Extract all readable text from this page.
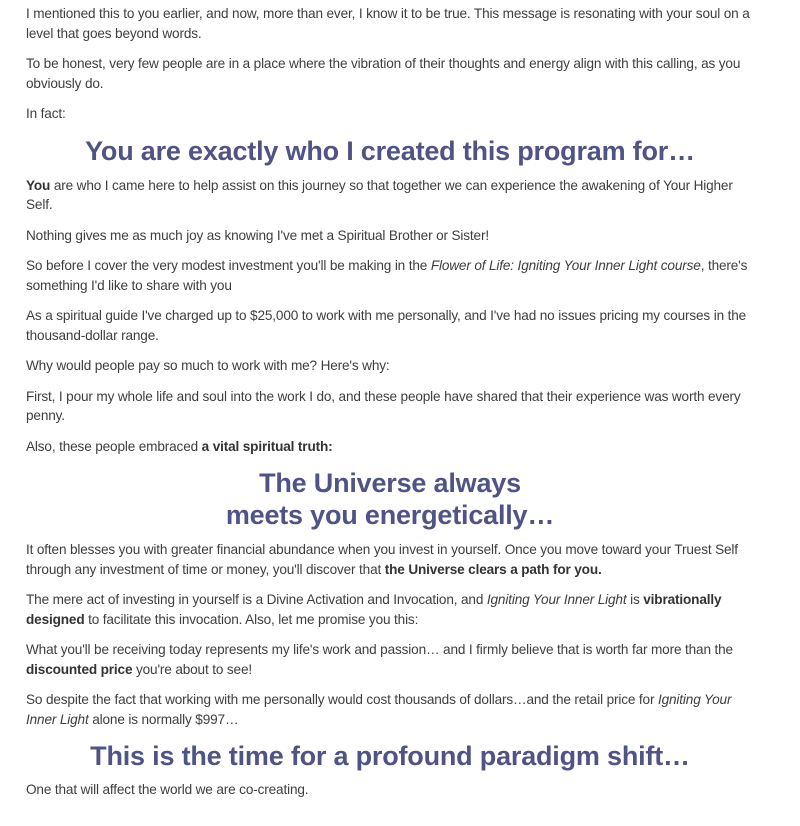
I mentioned this to you earlier, and now, more than ever, I know it to be true. This message is resonating with your soul on a level that goes beyond words.

To be honest, very few people are in a place where the vibration of their thoughts and energy align with this calling, as you obviously do.

In fact:

You are exactly who I created this program for…

You are who I came here to help assist on this journey so that together we can experience the awakening of Your Higher Self.

Nothing gives me as much joy as knowing I've met a Spiritual Brother or Sister!

So before I cover the very modest investment you'll be making in the Flower of Life: Igniting Your Inner Light course, there's something I'd like to share with you

As a spiritual guide I've charged up to $25,000 to work with me personally, and I've had no issues pricing my courses in the thousand-dollar range.

Why would people pay so much to work with me? Here's why:

First, I pour my whole life and soul into the work I do, and these people have shared that their experience was worth every penny.

Also, these people embraced a vital spiritual truth:

The Universe always
meets you energetically…

It often blesses you with greater financial abundance when you invest in yourself. Once you move toward your Truest Self through any investment of time or money, you'll discover that the Universe clears a path for you.

The mere act of investing in yourself is a Divine Activation and Invocation, and Igniting Your Inner Light is vibrationally designed to facilitate this invocation. Also, let me promise you this:

What you'll be receiving today represents my life's work and passion… and I firmly believe that is worth far more than the discounted price you're about to see!

So despite the fact that working with me personally would cost thousands of dollars…and the retail price for Igniting Your Inner Light alone is normally $997…

This is the time for a profound paradigm shift…

One that will affect the world we are co-creating.
